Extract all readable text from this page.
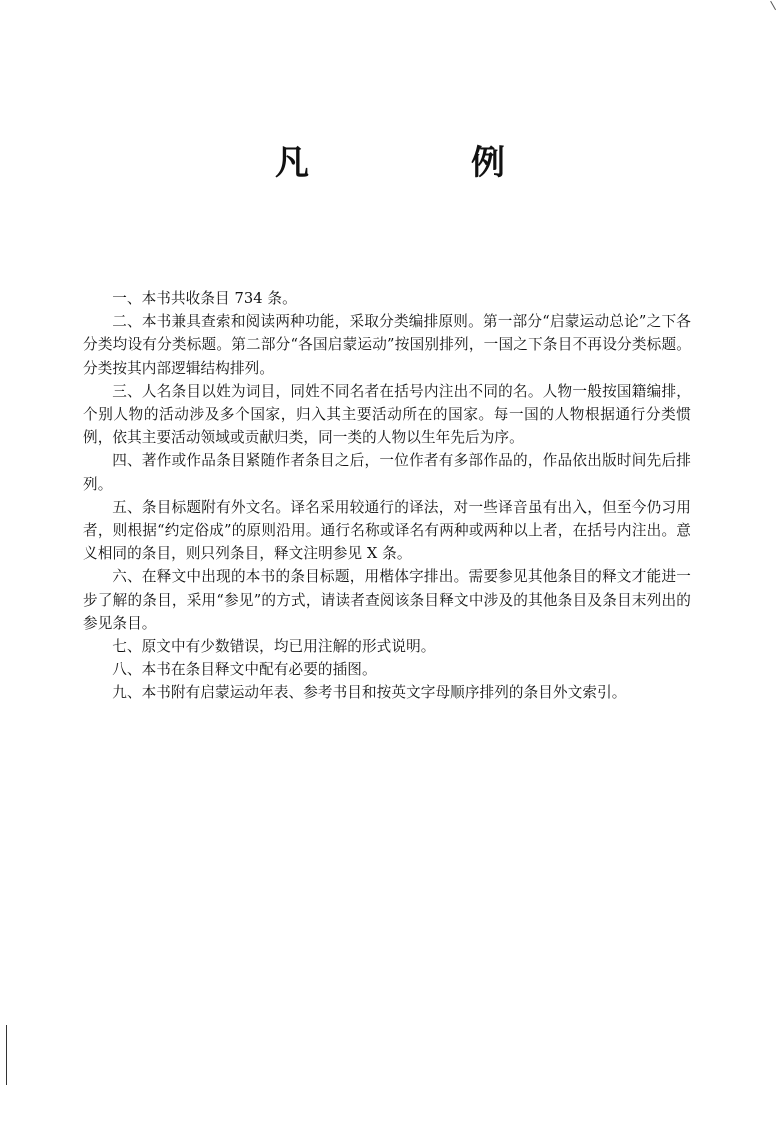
凡　例

一、本书共收条目 734 条。

二、本书兼具查索和阅读两种功能，采取分类编排原则。第一部分“启蒙运动总论”之下各分类均设有分类标题。第二部分“各国启蒙运动”按国别排列，一国之下条目不再设分类标题。分类按其内部逻辑结构排列。

三、人名条目以姓为词目，同姓不同名者在括号内注出不同的名。人物一般按国籍编排，个别人物的活动涉及多个国家，归入其主要活动所在的国家。每一国的人物根据通行分类惯例，依其主要活动领域或贡献归类，同一类的人物以生年先后为序。

四、著作或作品条目紧随作者条目之后，一位作者有多部作品的，作品依出版时间先后排列。

五、条目标题附有外文名。译名采用较通行的译法，对一些译音虽有出入，但至今仍习用者，则根据“约定俗成”的原则沿用。通行名称或译名有两种或两种以上者，在括号内注出。意义相同的条目，则只列条目，释文注明参见 X 条。

六、在释文中出现的本书的条目标题，用楷体字排出。需要参见其他条目的释文才能进一步了解的条目，采用“参见”的方式，请读者查阅该条目释文中涉及的其他条目及条目末列出的参见条目。

七、原文中有少数错误，均已用注解的形式说明。

八、本书在条目释文中配有必要的插图。

九、本书附有启蒙运动年表、参考书目和按英文字母顺序排列的条目外文索引。
